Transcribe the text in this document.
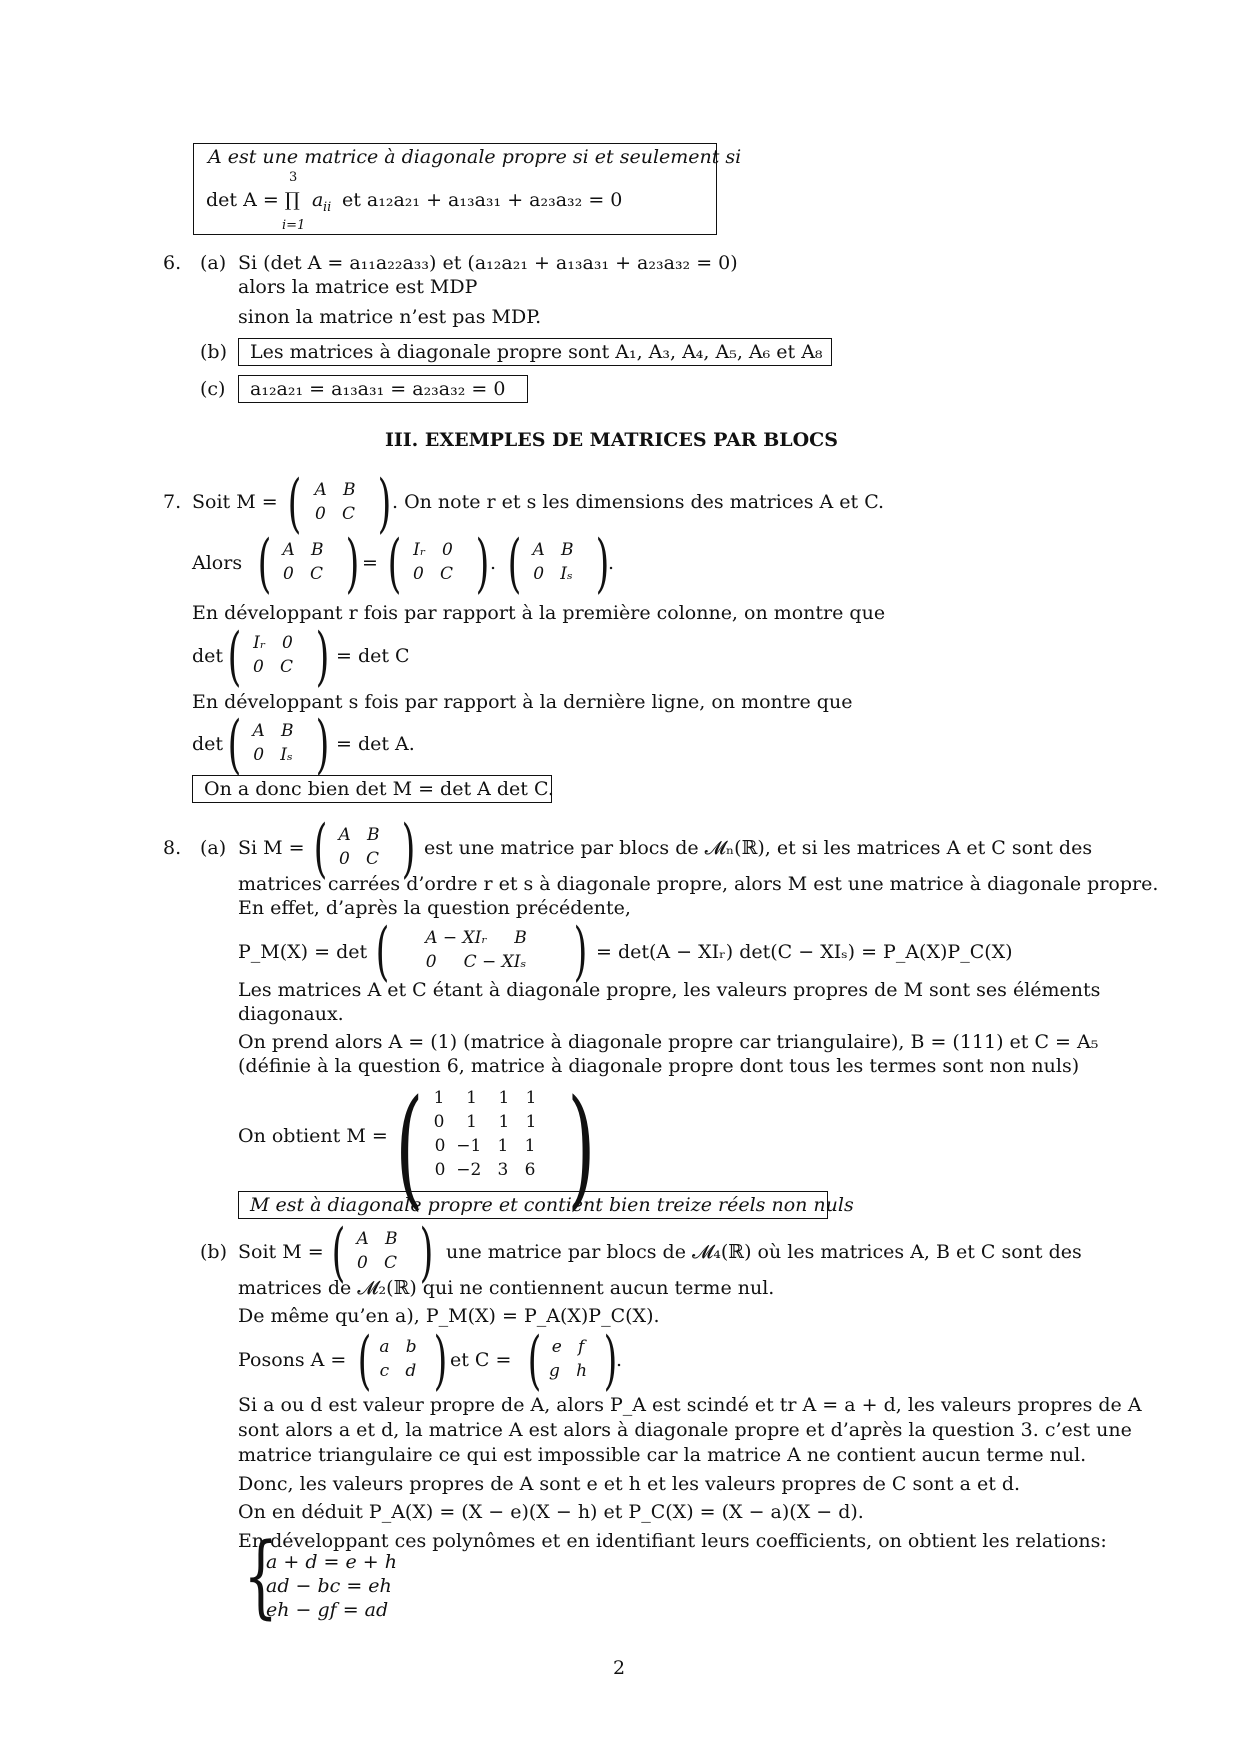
A est une matrice à diagonale propre si et seulement si
3
det A = ∏ a ii et a₁₂a₂₁ + a₁₃a₃₁ + a₂₃a₃₂ = 0
i=1
6. (a) Si (det A = a₁₁a₂₂a₃₃) et (a₁₂a₂₁ + a₁₃a₃₁ + a₂₃a₃₂ = 0)
alors la matrice est MDP
sinon la matrice n’est pas MDP.
(b) Les matrices à diagonale propre sont A₁, A₃, A₄, A₅, A₆ et A₈
(c) a₁₂a₂₁ = a₁₃a₃₁ = a₂₃a₃₂ = 0
III. EXEMPLES DE MATRICES PAR BLOCS
7. Soit M = ( A B
0 C ) . On note r et s les dimensions des matrices A et C.
Alors ( A B
0 C ) = ( Iᵣ 0
0 C ) . ( A B
0 Iₛ )
.
En développant r fois par rapport à la première colonne, on montre que
det ( Iᵣ 0
0 C ) = det C
En développant s fois par rapport à la dernière ligne, on montre que
det ( A B
0 Iₛ ) = det A.
On a donc bien det M = det A det C.
8. (a) Si M = ( A B
0 C ) est une matrice par blocs de 𝓜ₙ(ℝ), et si les matrices A et C sont des
matrices carrées d’ordre r et s à diagonale propre, alors M est une matrice à diagonale propre.
En effet, d’après la question précédente,
P_M(X) = det (	A − XIᵣ B
0 C − XIₛ ) = det(A − XIᵣ) det(C − XIₛ) = P_A(X)P_C(X)
Les matrices A et C étant à diagonale propre, les valeurs propres de M sont ses éléments
diagonaux.
On prend alors A = (1) (matrice à diagonale propre car triangulaire), B = (111) et C = A₅
(définie à la question 6, matrice à diagonale propre dont tous les termes sont non nuls)
On obtient M = ( 1 1 1 1
0 1 1 1
0 −1 1 1
0 −2 3 6 )
M est à diagonale propre et contient bien treize réels non nuls
(b) Soit M = ( A B
0 C ) une matrice par blocs de 𝓜₄(ℝ) où les matrices A, B et C sont des
matrices de 𝓜₂(ℝ) qui ne contiennent aucun terme nul.
De même qu’en a), P_M(X) = P_A(X)P_C(X).
Posons A = ( a b
c d ) et C = ( e f
g h )
.
Si a ou d est valeur propre de A, alors P_A est scindé et tr A = a + d, les valeurs propres de A
sont alors a et d, la matrice A est alors à diagonale propre et d’après la question 3. c’est une
matrice triangulaire ce qui est impossible car la matrice A ne contient aucun terme nul.
Donc, les valeurs propres de A sont e et h et les valeurs propres de C sont a et d.
On en déduit P_A(X) = (X − e)(X − h) et P_C(X) = (X − a)(X − d).
En développant ces polynômes et en identifiant leurs coefficients, on obtient les relations:
{
a + d = e + h
ad − bc = eh
eh − gf = ad
2
